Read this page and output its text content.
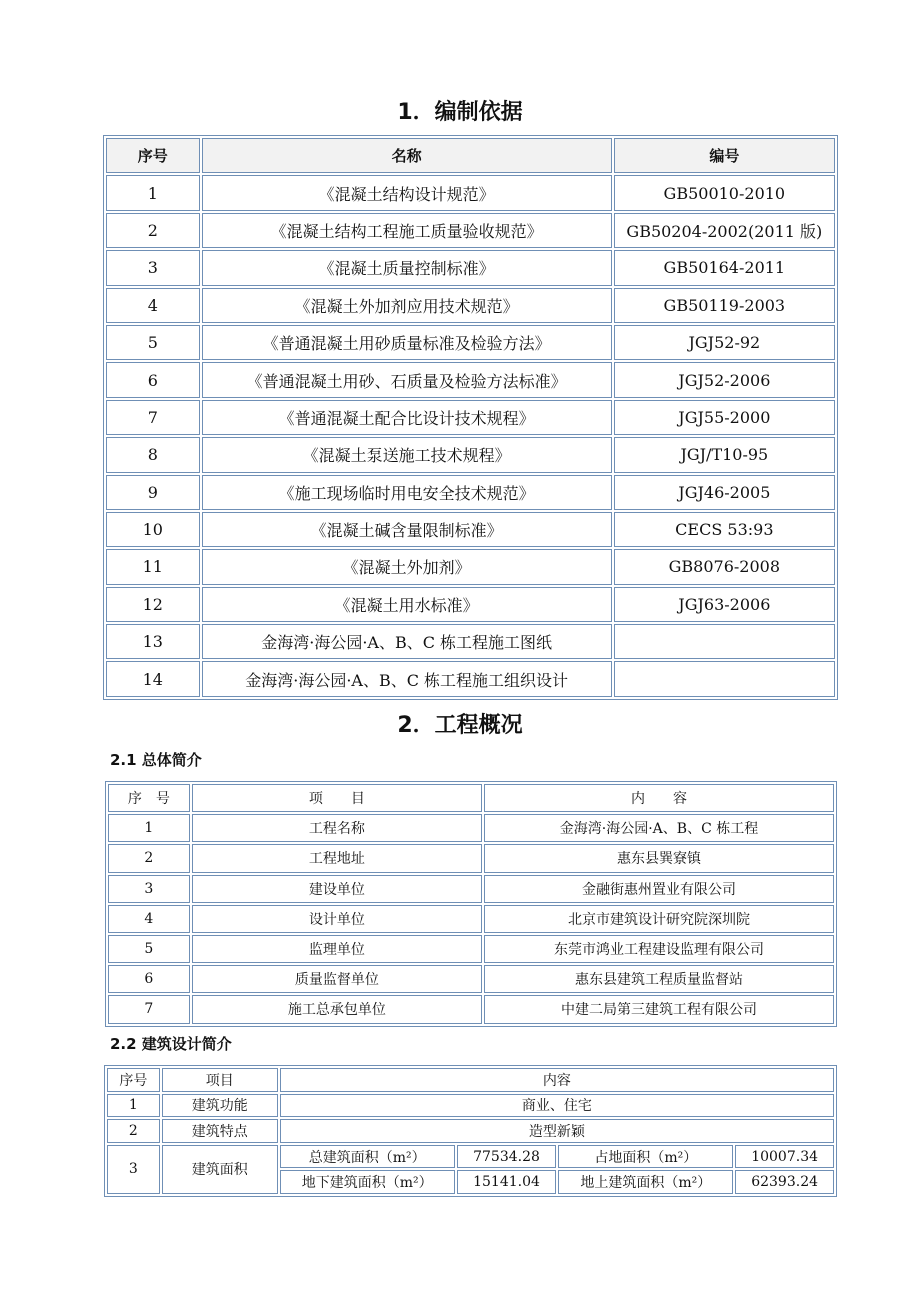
1．编制依据
序号	名称	编号
1	《混凝土结构设计规范》	GB50010-2010
2	《混凝土结构工程施工质量验收规范》	GB50204-2002(2011 版)
3	《混凝土质量控制标准》	GB50164-2011
4	《混凝土外加剂应用技术规范》	GB50119-2003
5	《普通混凝土用砂质量标准及检验方法》	JGJ52-92
6	《普通混凝土用砂、石质量及检验方法标准》	JGJ52-2006
7	《普通混凝土配合比设计技术规程》	JGJ55-2000
8	《混凝土泵送施工技术规程》	JGJ/T10-95
9	《施工现场临时用电安全技术规范》	JGJ46-2005
10	《混凝土碱含量限制标准》	CECS 53:93
11	《混凝土外加剂》	GB8076-2008
12	《混凝土用水标准》	JGJ63-2006
13	金海湾·海公园·A、B、C 栋工程施工图纸	
14	金海湾·海公园·A、B、C 栋工程施工组织设计	
2．工程概况
2.1 总体简介
序　号	项　　目	内　　容
1	工程名称	金海湾·海公园·A、B、C 栋工程
2	工程地址	惠东县巽寮镇
3	建设单位	金融街惠州置业有限公司
4	设计单位	北京市建筑设计研究院深圳院
5	监理单位	东莞市鸿业工程建设监理有限公司
6	质量监督单位	惠东县建筑工程质量监督站
7	施工总承包单位	中建二局第三建筑工程有限公司
2.2 建筑设计简介
序号	项目	内容			
1	建筑功能	商业、住宅			
2	建筑特点	造型新颖			
3	建筑面积	总建筑面积（m²）	77534.28	占地面积（m²）	10007.34
		地下建筑面积（m²）	15141.04	地上建筑面积（m²）	62393.24
